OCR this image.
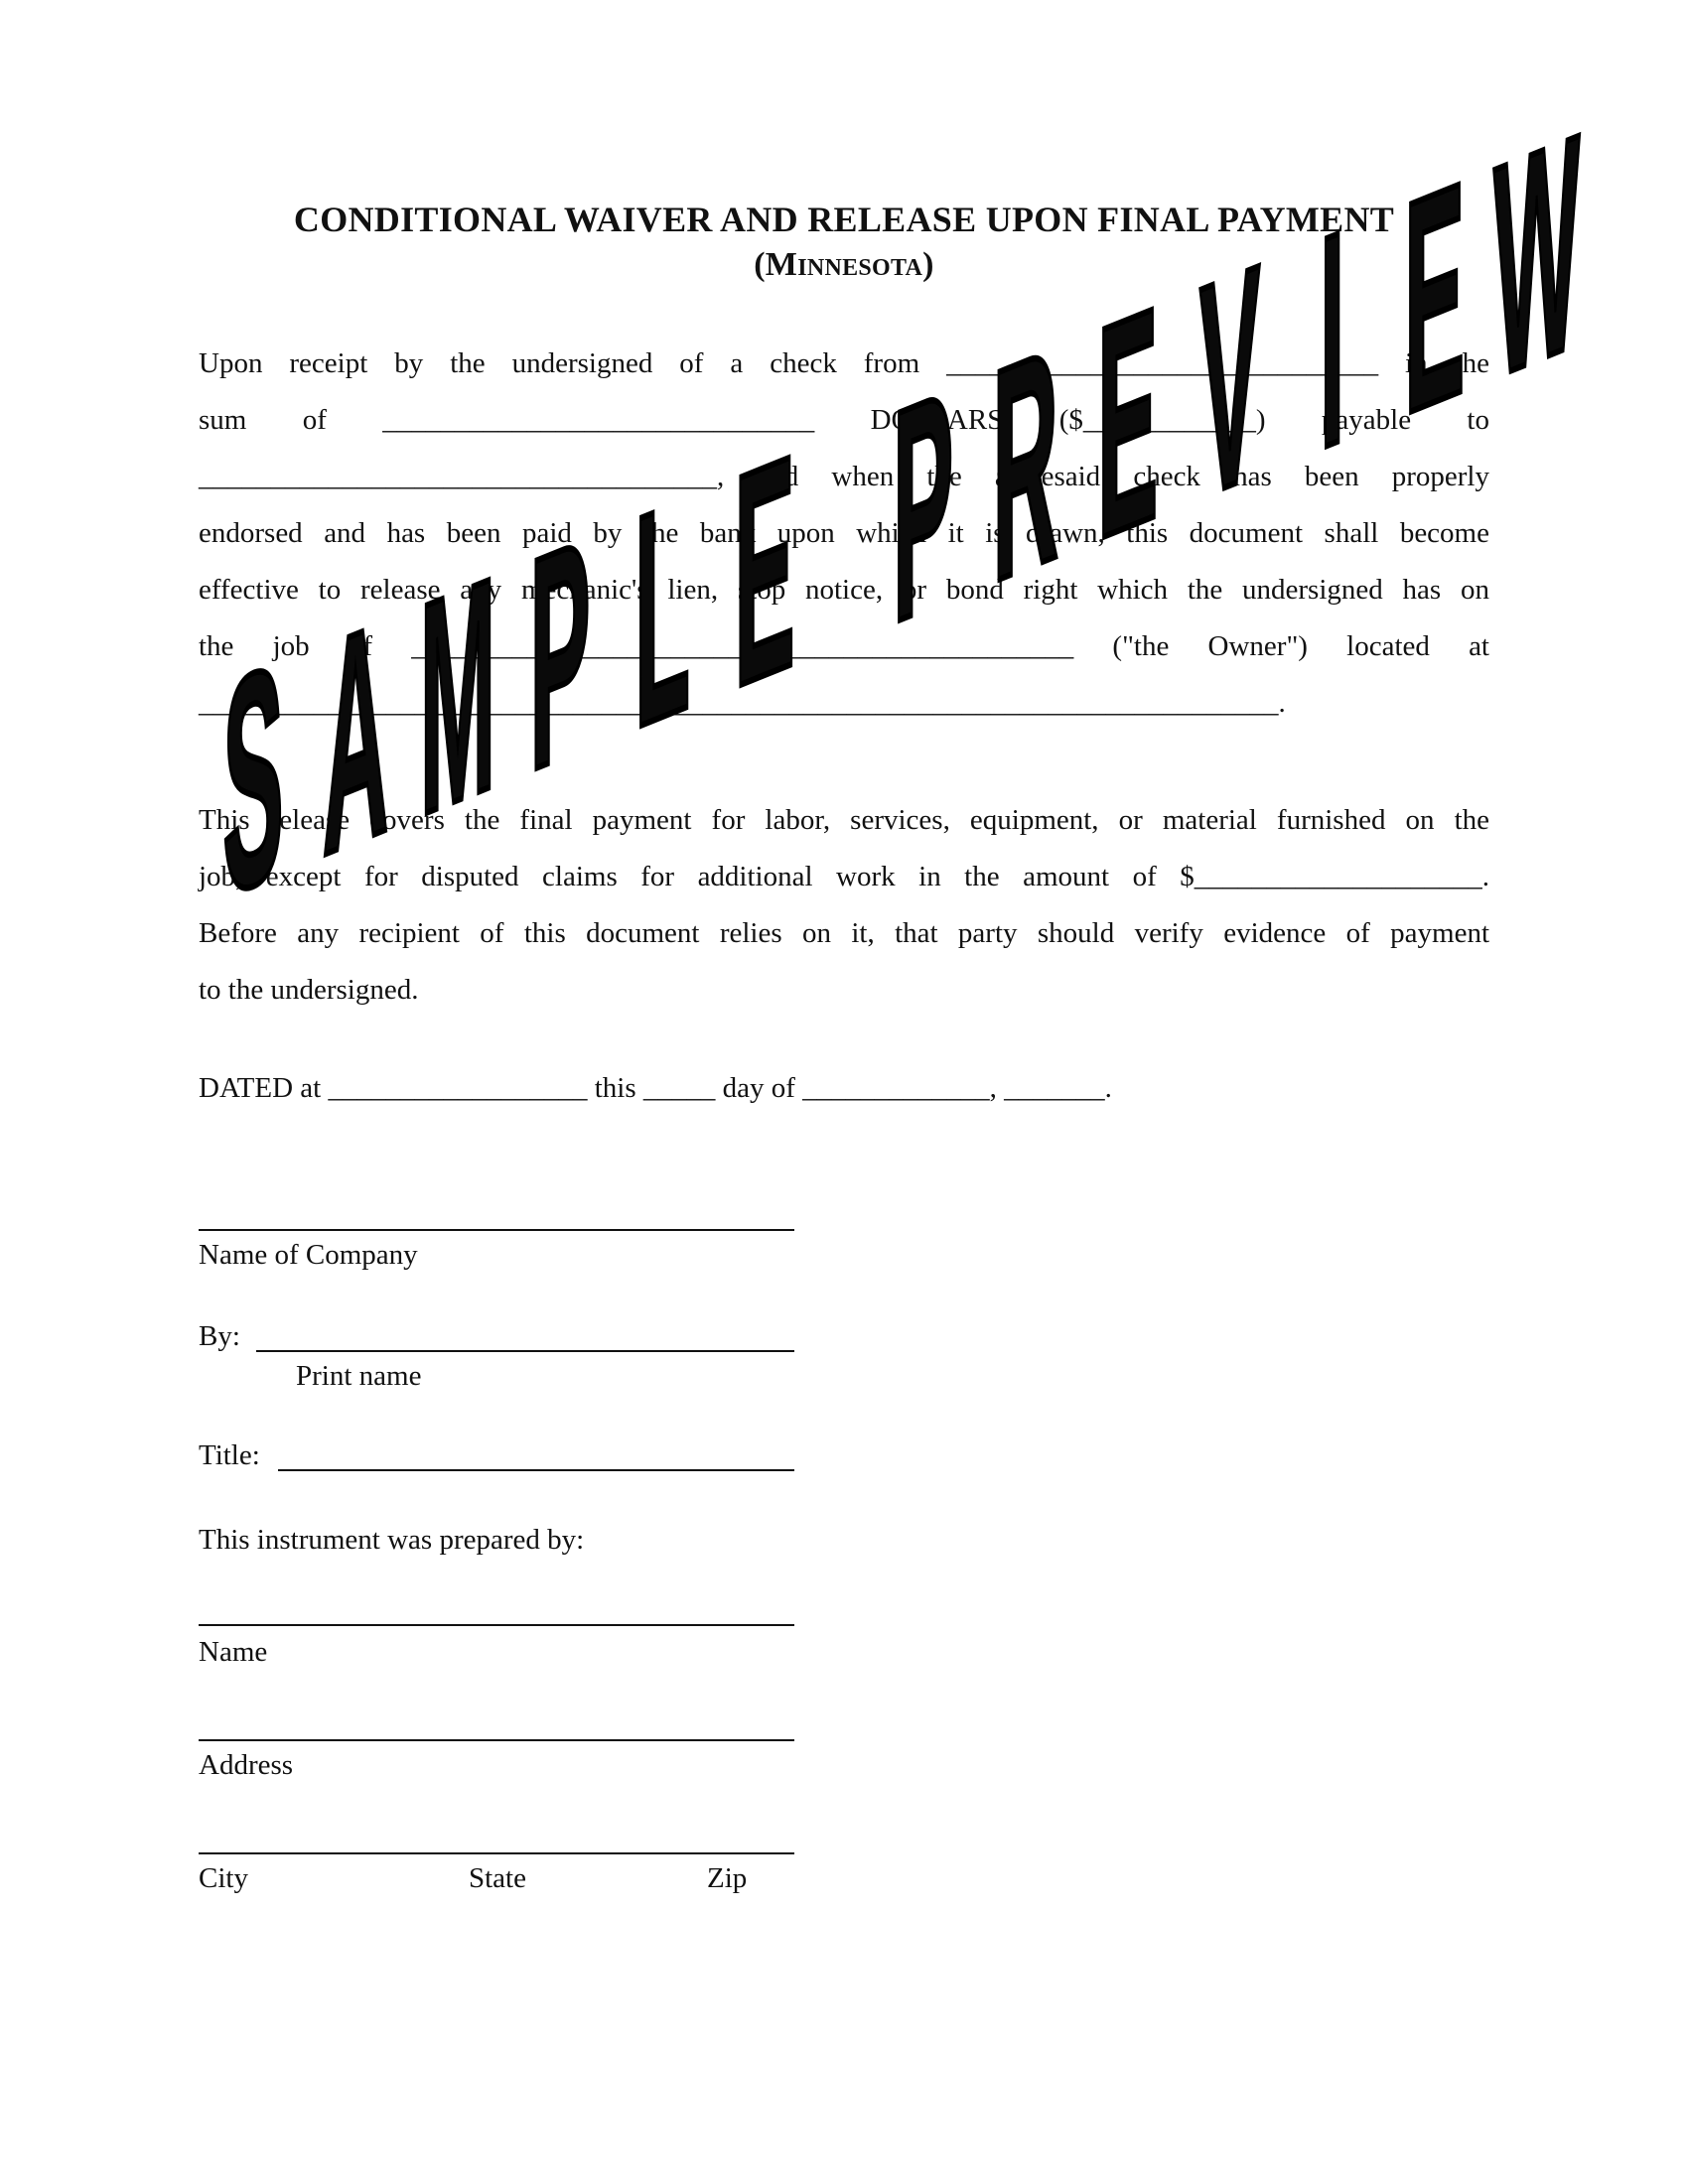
CONDITIONAL WAIVER AND RELEASE UPON FINAL PAYMENT
(Minnesota)
Upon receipt by the undersigned of a check from ______________________________ in the
sum of ______________________________ DOLLARS ($____________) payable to
____________________________________, and when the aforesaid check has been properly
endorsed and has been paid by the bank upon which it is drawn, this document shall become
effective to release any mechanic's lien, stop notice, or bond right which the undersigned has on
the job of ______________________________________________ ("the Owner") located at
___________________________________________________________________________.
This release covers the final payment for labor, services, equipment, or material furnished on the
job, except for disputed claims for additional work in the amount of $____________________.
Before any recipient of this document relies on it, that party should verify evidence of payment
to the undersigned.
DATED at __________________ this _____ day of _____________, _______.
Name of Company
By:
Print name
Title:
This instrument was prepared by:
Name
Address
City	State	Zip
S A M P L E P R E V I E W
